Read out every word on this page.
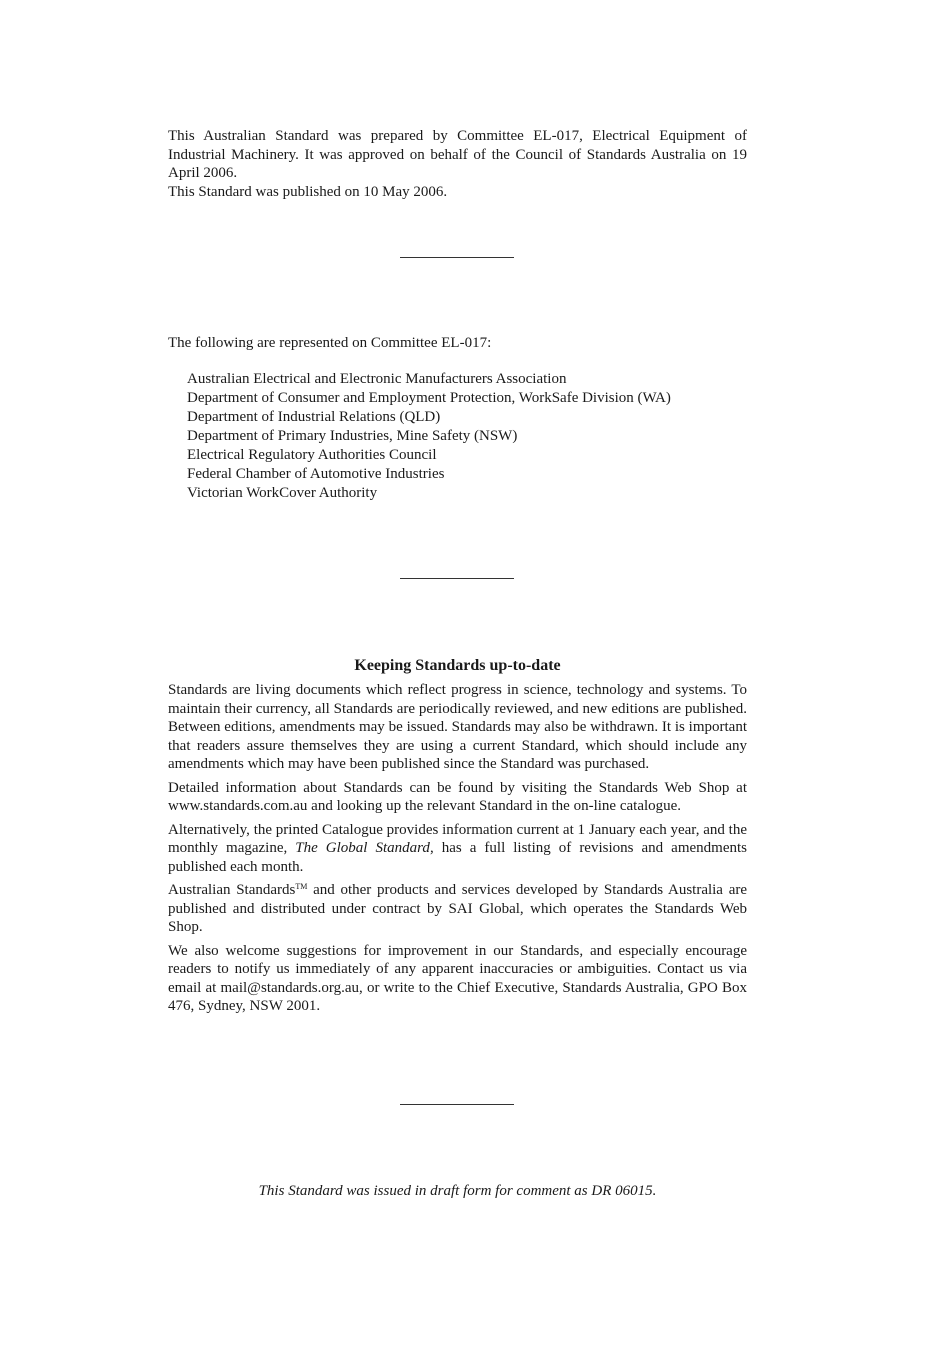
This Australian Standard was prepared by Committee EL-017, Electrical Equipment of Industrial Machinery. It was approved on behalf of the Council of Standards Australia on 19 April 2006.
This Standard was published on 10 May 2006.
The following are represented on Committee EL-017:
Australian Electrical and Electronic Manufacturers Association
Department of Consumer and Employment Protection, WorkSafe Division (WA)
Department of Industrial Relations (QLD)
Department of Primary Industries, Mine Safety (NSW)
Electrical Regulatory Authorities Council
Federal Chamber of Automotive Industries
Victorian WorkCover Authority
Keeping Standards up-to-date

Standards are living documents which reflect progress in science, technology and systems. To maintain their currency, all Standards are periodically reviewed, and new editions are published. Between editions, amendments may be issued. Standards may also be withdrawn. It is important that readers assure themselves they are using a current Standard, which should include any amendments which may have been published since the Standard was purchased.

Detailed information about Standards can be found by visiting the Standards Web Shop at www.standards.com.au and looking up the relevant Standard in the on-line catalogue.

Alternatively, the printed Catalogue provides information current at 1 January each year, and the monthly magazine, The Global Standard, has a full listing of revisions and amendments published each month.

Australian Standards™ and other products and services developed by Standards Australia are published and distributed under contract by SAI Global, which operates the Standards Web Shop.

We also welcome suggestions for improvement in our Standards, and especially encourage readers to notify us immediately of any apparent inaccuracies or ambiguities. Contact us via email at mail@standards.org.au, or write to the Chief Executive, Standards Australia, GPO Box 476, Sydney, NSW 2001.

This Standard was issued in draft form for comment as DR 06015.
